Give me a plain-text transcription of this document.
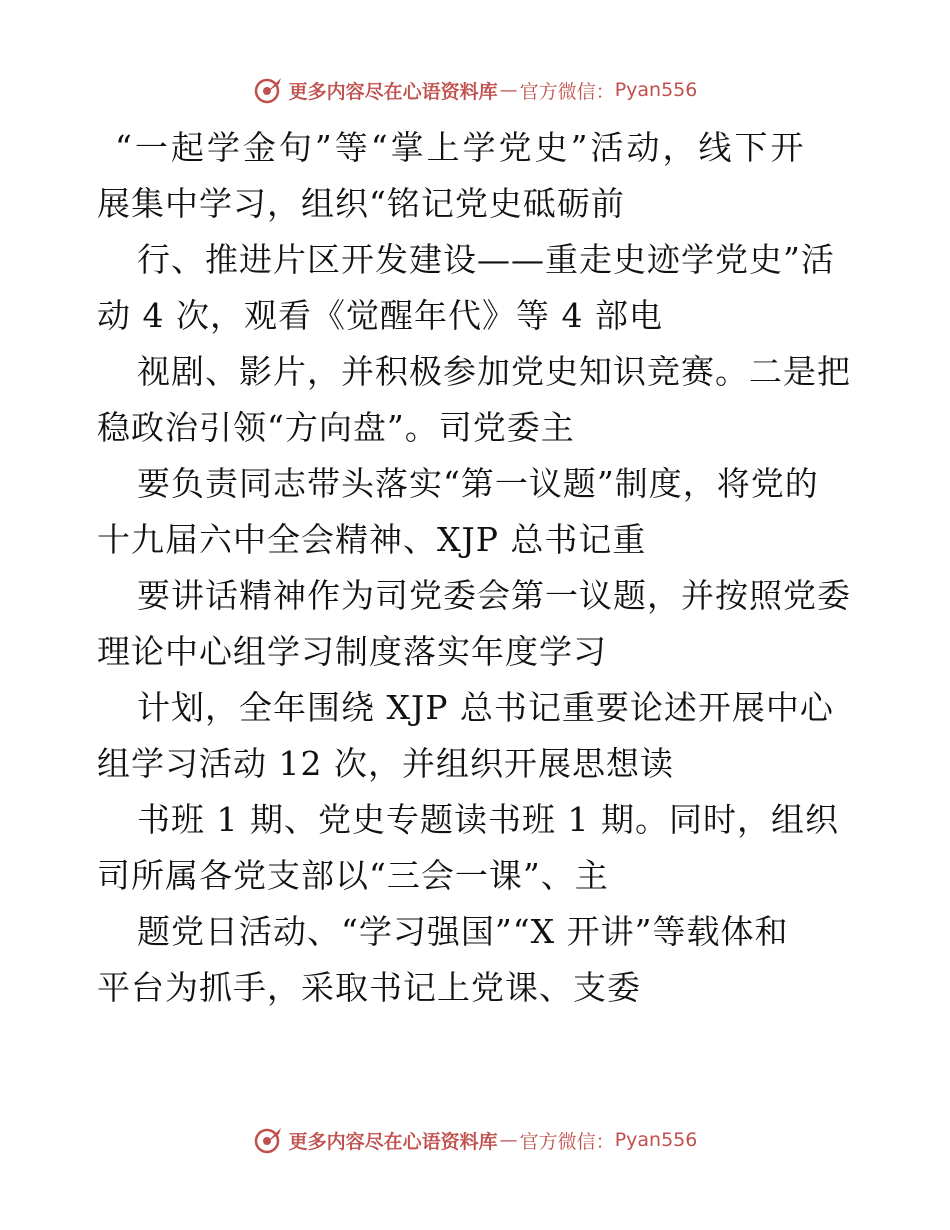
更多内容尽在心语资料库 — 官方微信： Pyan556
“一起学金句”等“掌上学党史”活动，线下开
展集中学习，组织“铭记党史砥砺前
行、推进片区开发建设——重走史迹学党史”活
动 4 次，观看《觉醒年代》等 4 部电
视剧、影片，并积极参加党史知识竞赛。二是把
稳政治引领“方向盘”。司党委主
要负责同志带头落实“第一议题”制度，将党的
十九届六中全会精神、XJP 总书记重
要讲话精神作为司党委会第一议题，并按照党委
理论中心组学习制度落实年度学习
计划，全年围绕 XJP 总书记重要论述开展中心
组学习活动 12 次，并组织开展思想读
书班 1 期、党史专题读书班 1 期。同时，组织
司所属各党支部以“三会一课”、主
题党日活动、“学习强国”“X 开讲”等载体和
平台为抓手，采取书记上党课、支委
更多内容尽在心语资料库 — 官方微信： Pyan556
